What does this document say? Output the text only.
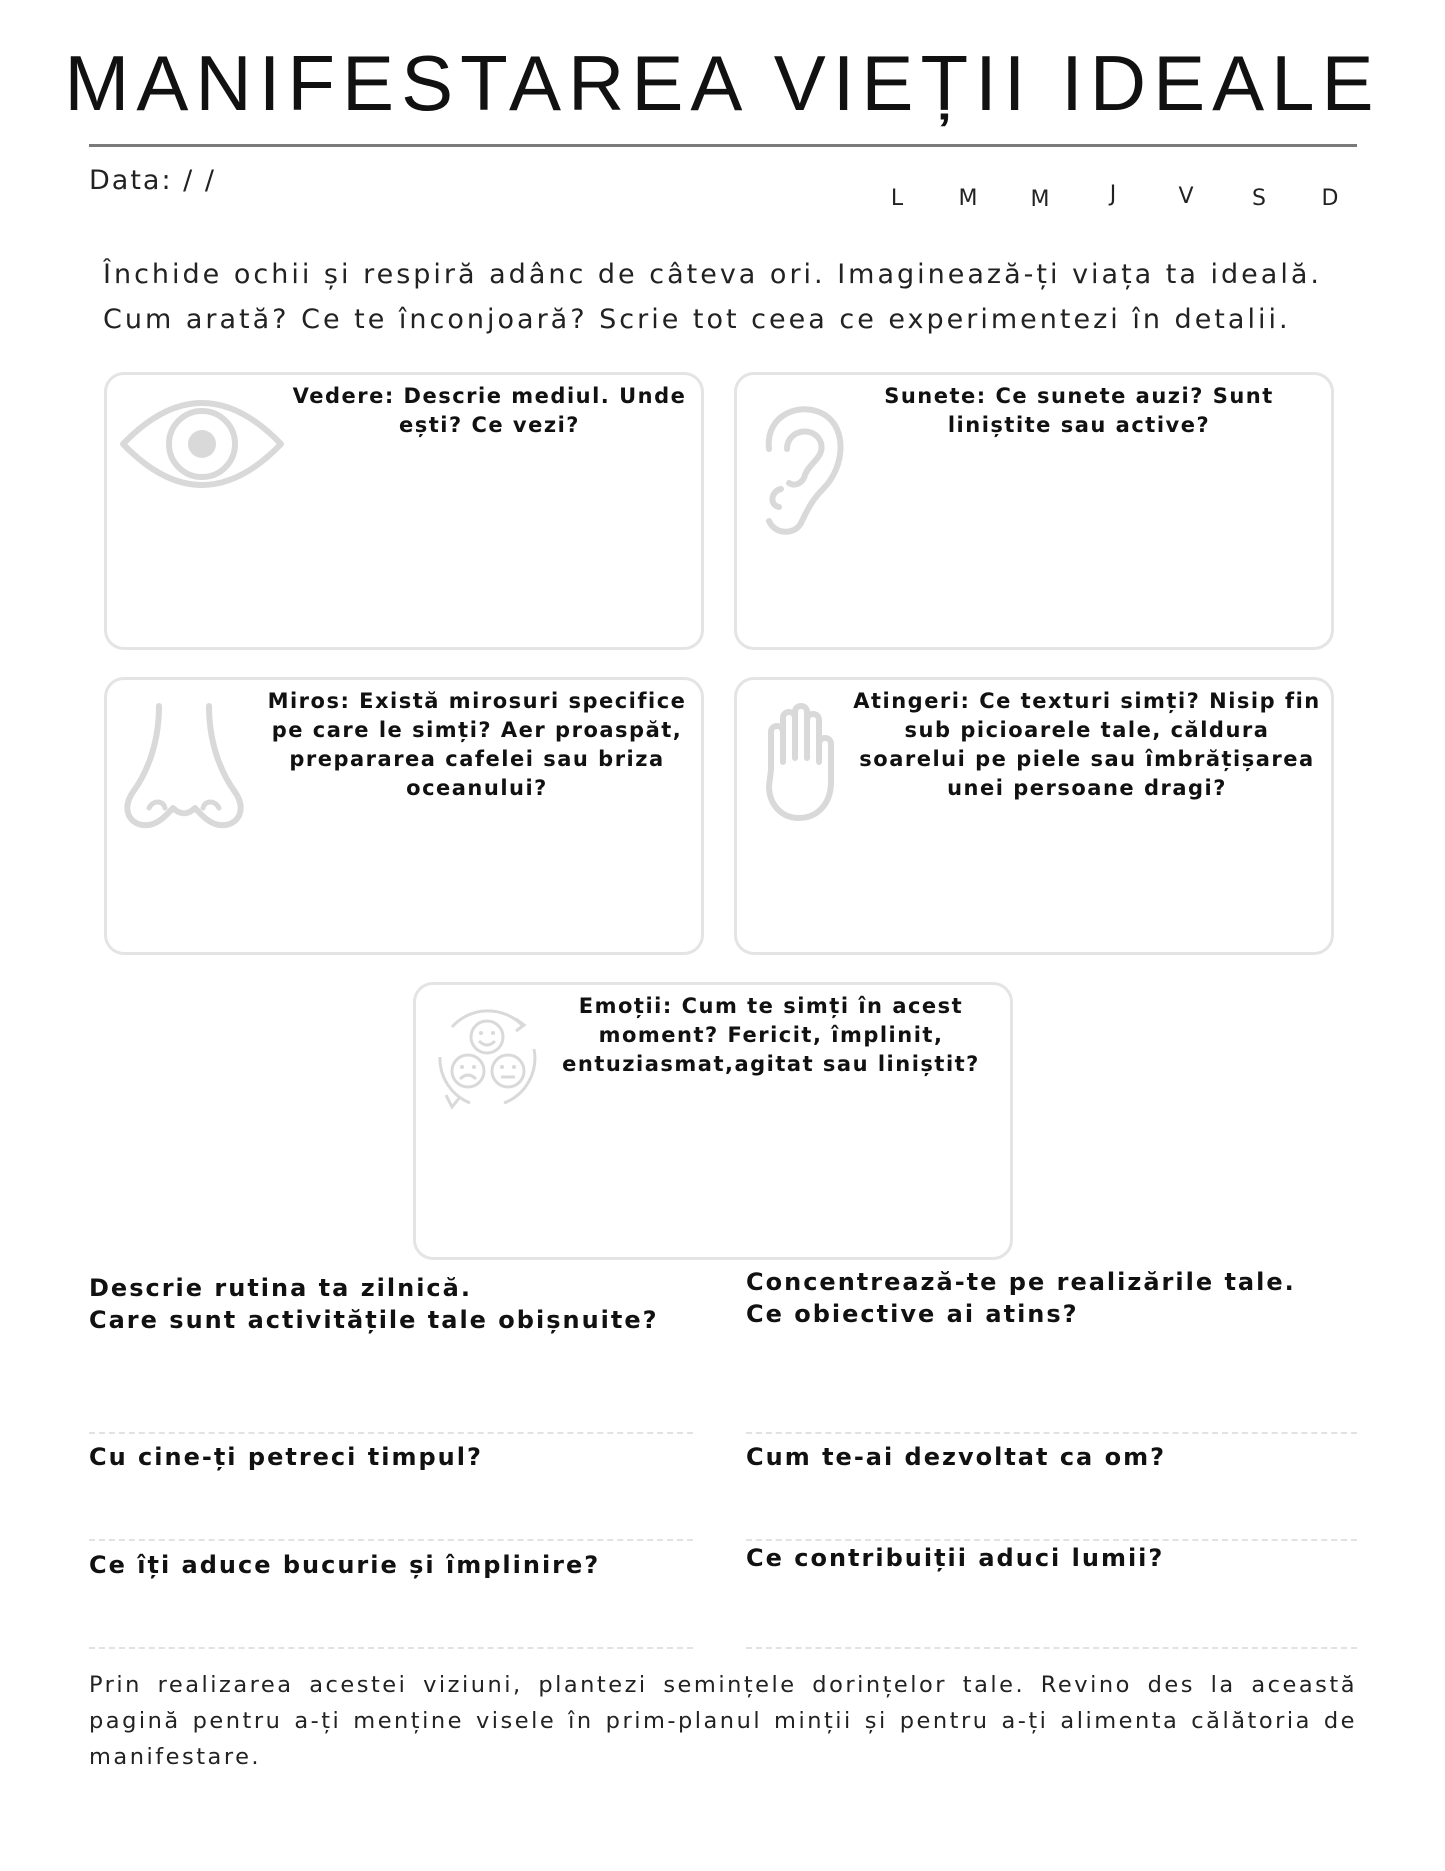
MANIFESTAREA VIEȚII IDEALE
Data: / /
L	M M	J	V	S	D
Închide ochii și respiră adânc de câteva ori. Imaginează-ți viața ta ideală.
Cum arată? Ce te înconjoară? Scrie tot ceea ce experimentezi în detalii.
Vedere: Descrie mediul. Unde
ești? Ce vezi?
Sunete: Ce sunete auzi? Sunt
liniștite sau active?
Miros: Există mirosuri specifice
pe care le simți? Aer proaspăt,
prepararea cafelei sau briza
oceanului?
Atingeri: Ce texturi simți? Nisip fin
sub picioarele tale, căldura
soarelui pe piele sau îmbrățișarea
unei persoane dragi?
Emoții: Cum te simți în acest
moment? Fericit, împlinit,
entuziasmat,agitat sau liniștit?
Descrie rutina ta zilnică.
Care sunt activitățile tale obișnuite?
Cu cine-ți petreci timpul?
Ce îți aduce bucurie și împlinire?
Concentrează-te pe realizările tale.
Ce obiective ai atins?
Cum te-ai dezvoltat ca om?
Ce contribuiții aduci lumii?
Prin realizarea acestei viziuni, plantezi semințele dorințelor tale. Revino des la această pagină pentru a-ți menține visele în prim-planul minții și pentru a-ți alimenta călătoria de manifestare.
